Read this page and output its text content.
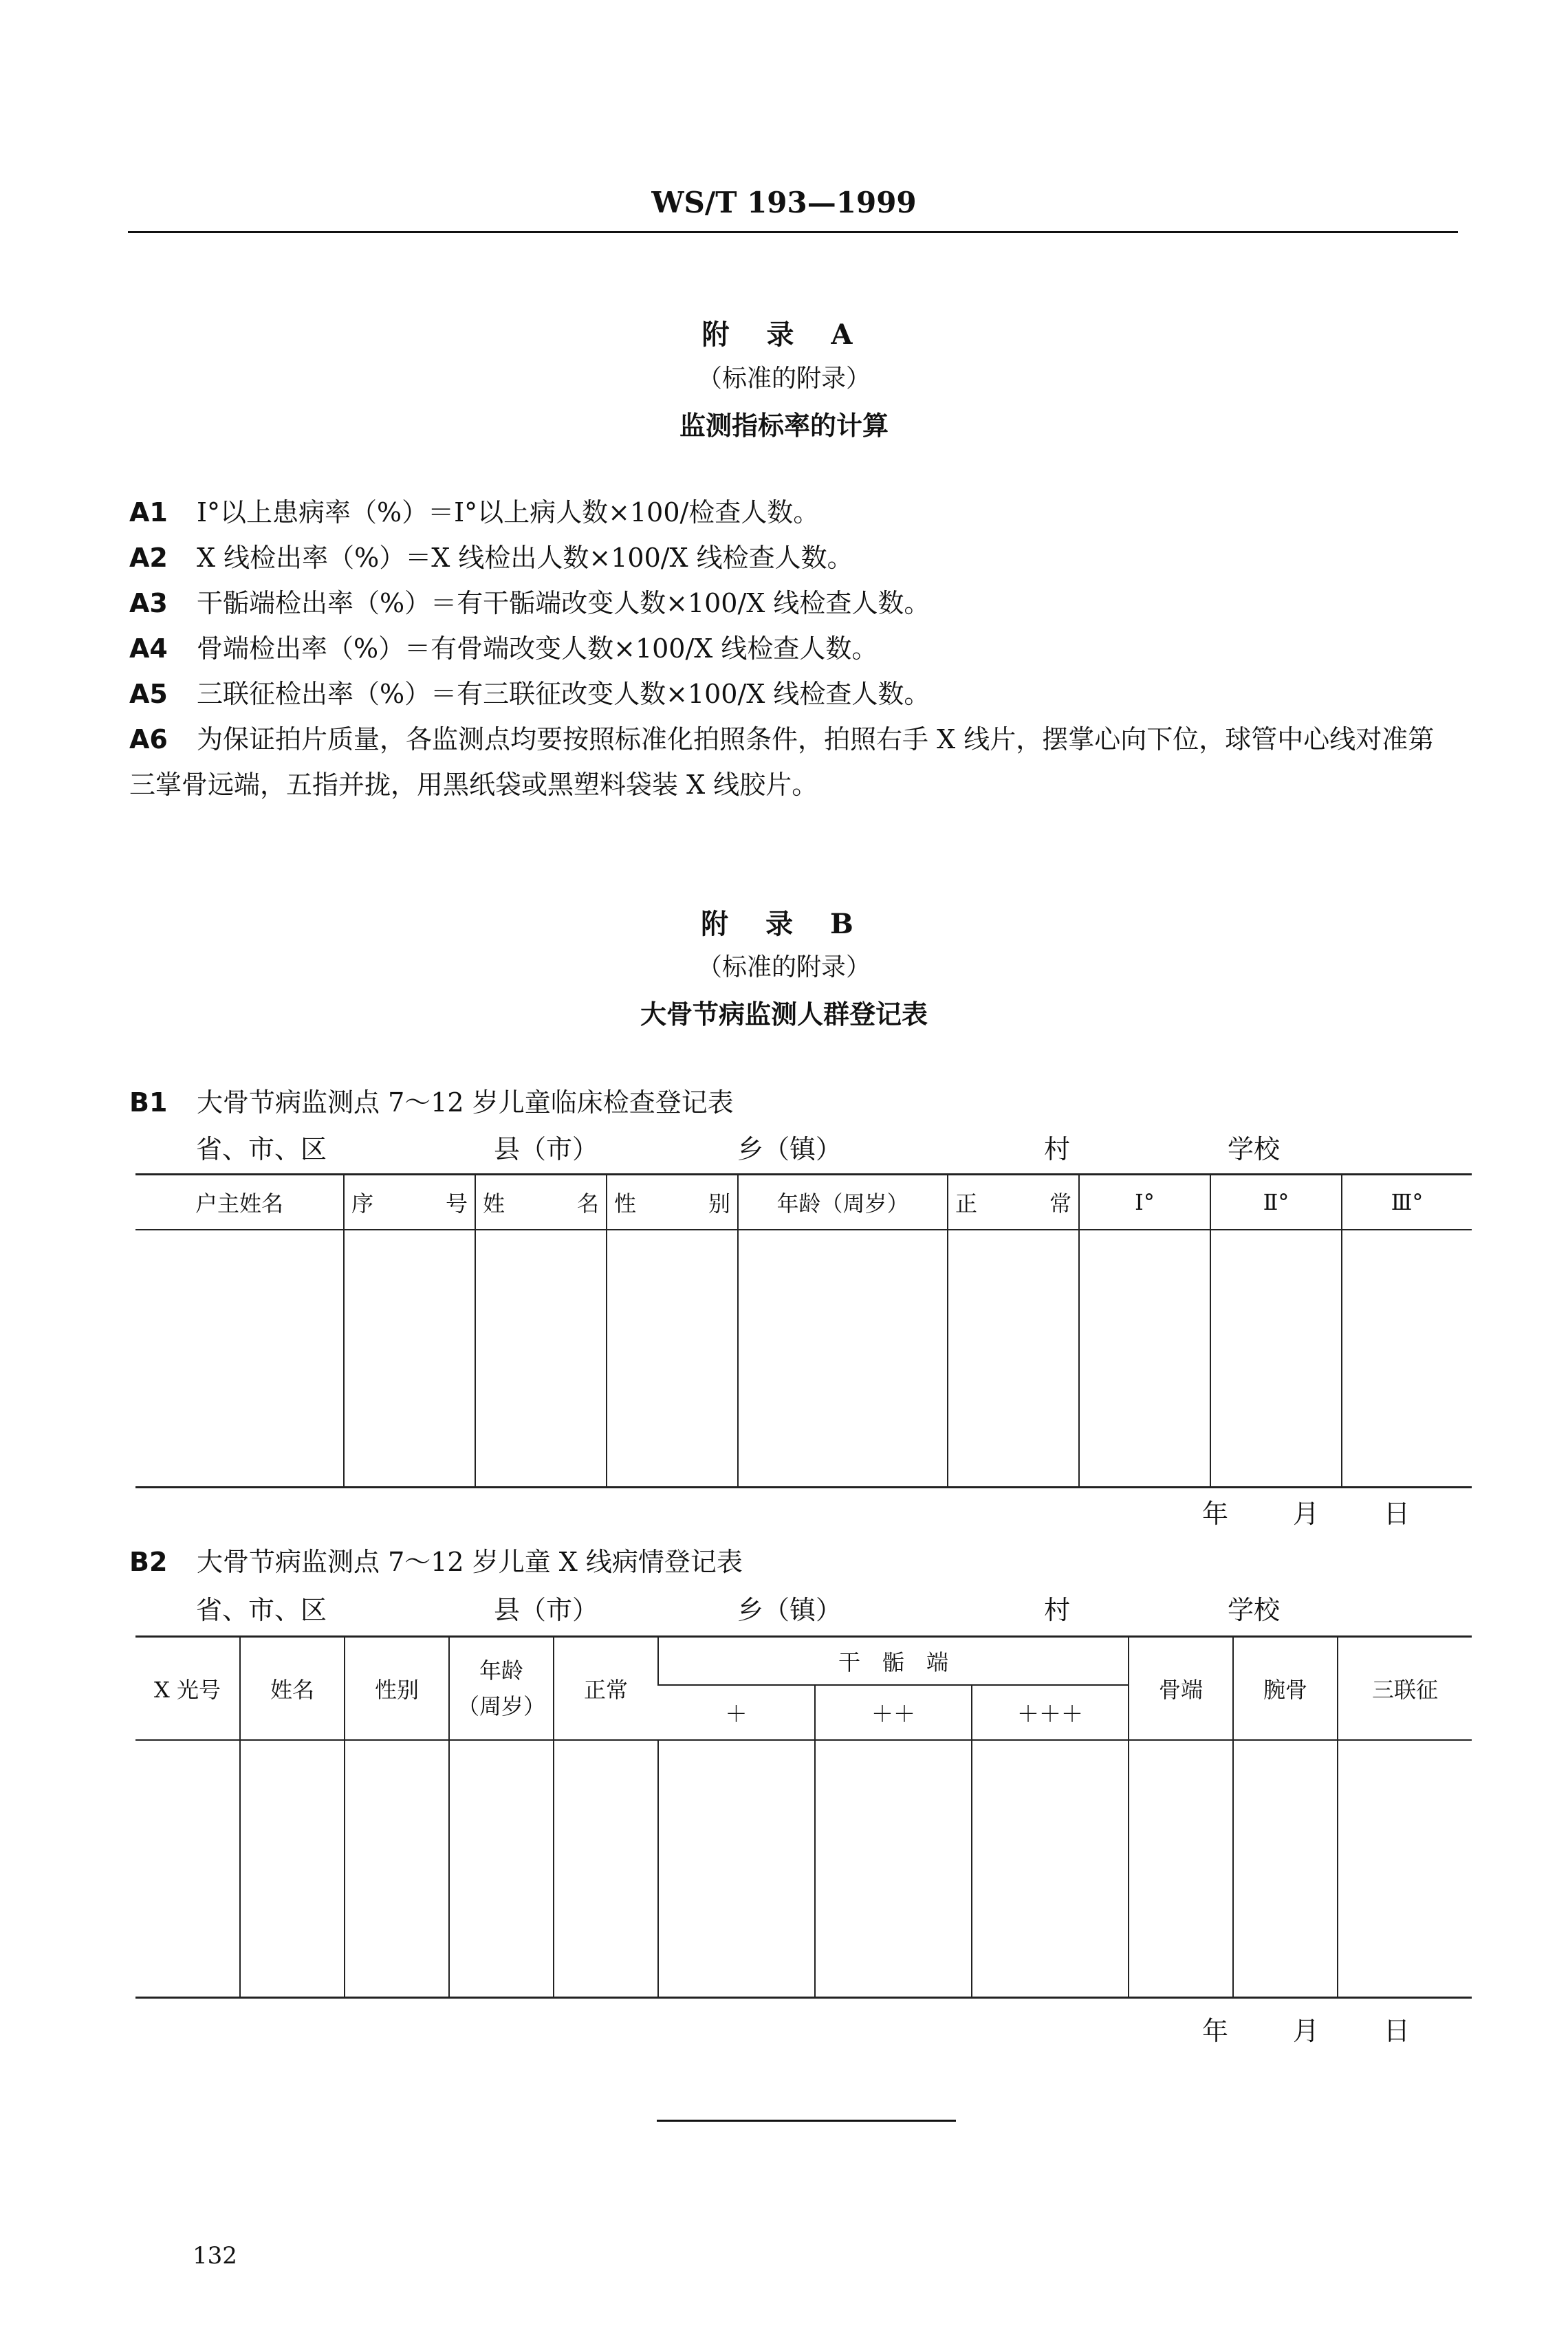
WS/T 193—1999
附 录 A
（标准的附录）
监测指标率的计算
A1 Ⅰ°以上患病率（%）＝Ⅰ°以上病人数×100/检查人数。
A2 X 线检出率（%）＝X 线检出人数×100/X 线检查人数。
A3 干骺端检出率（%）＝有干骺端改变人数×100/X 线检查人数。
A4 骨端检出率（%）＝有骨端改变人数×100/X 线检查人数。
A5 三联征检出率（%）＝有三联征改变人数×100/X 线检查人数。
A6 为保证拍片质量，各监测点均要按照标准化拍照条件，拍照右手 X 线片，摆掌心向下位，球管中心线对准第三掌骨远端，五指并拢，用黑纸袋或黑塑料袋装 X 线胶片。
附 录 B
（标准的附录）
大骨节病监测人群登记表
B1 大骨节病监测点 7～12 岁儿童临床检查登记表
省、市、区	县（市）	乡（镇）	村	学校
户主姓名	序 号	姓 名	性 别	年龄（周岁）	正 常	Ⅰ°	Ⅱ°	Ⅲ°

年 月 日
B2 大骨节病监测点 7～12 岁儿童 X 线病情登记表
省、市、区	县（市）	乡（镇）	村	学校
X 光号	姓名	性别	年龄
（周岁）	正常	干　骺　端			骨端	腕骨	三联征
					＋	＋＋	＋＋＋			

年 月 日
132
